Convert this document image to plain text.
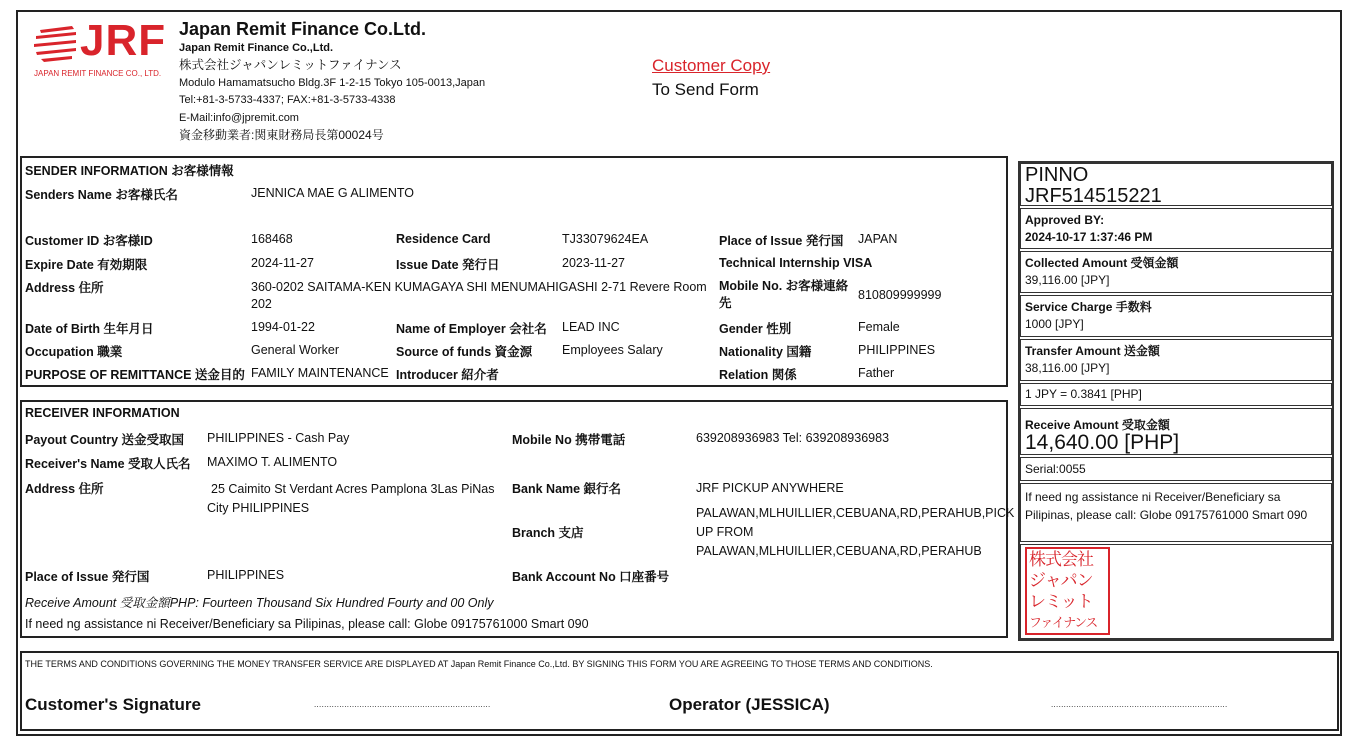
JRF
JAPAN REMIT FINANCE CO., LTD.
Japan Remit Finance Co.Ltd.
Japan Remit Finance Co.,Ltd.
株式会社ジャパンレミットファイナンス
Modulo Hamamatsucho Bldg.3F 1-2-15 Tokyo 105-0013,Japan
Tel:+81-3-5733-4337; FAX:+81-3-5733-4338
E-Mail:info@jpremit.com
資金移動業者:関東財務局長第00024号
Customer Copy
To Send Form
SENDER INFORMATION お客様情報
Senders Name お客様氏名	JENNICA MAE G ALIMENTO
Customer ID お客様ID	168468	Residence Card	TJ33079624EA	Place of Issue 発行国 JAPAN
Expire Date 有効期限	2024-11-27	Issue Date 発行日	2023-11-27	Technical Internship VISA
Address 住所	360-0202 SAITAMA-KEN KUMAGAYA SHI MENUMAHIGASHI 2-71 Revere Room 202
Mobile No. お客様連絡先
810809999999
Date of Birth 生年月日	1994-01-22	Name of Employer 会社名 LEAD INC	Gender 性別	Female
Occupation 職業	General Worker	Source of funds 資金源 Employees Salary	Nationality 国籍	PHILIPPINES
PURPOSE OF REMITTANCE 送金目的 FAMILY MAINTENANCE Introducer 紹介者	Relation 関係	Father
RECEIVER INFORMATION
Payout Country 送金受取国 PHILIPPINES - Cash Pay	Mobile No 携帯電話	639208936983 Tel: 639208936983
Receiver's Name 受取人氏名 MAXIMO T. ALIMENTO
Address 住所	25 Caimito St Verdant Acres Pamplona 3Las PiNas City PHILIPPINES
Bank Name 銀行名	JRF PICKUP ANYWHERE
Branch 支店
PALAWAN,MLHUILLIER,CEBUANA,RD,PERAHUB,PICK UP FROM PALAWAN,MLHUILLIER,CEBUANA,RD,PERAHUB
Place of Issue 発行国	PHILIPPINES	Bank Account No 口座番号
Receive Amount 受取金額PHP: Fourteen Thousand Six Hundred Fourty and 00 Only
If need ng assistance ni Receiver/Beneficiary sa Pilipinas, please call: Globe 09175761000 Smart 090
PINNO
JRF514515221
Approved BY:
2024-10-17 1:37:46 PM
Collected Amount 受領金額
39,116.00 [JPY]
Service Charge 手数料
1000 [JPY]
Transfer Amount 送金額
38,116.00 [JPY]
1 JPY = 0.3841 [PHP]
Receive Amount 受取金額
14,640.00 [PHP]
Serial:0055
If need ng assistance ni Receiver/Beneficiary sa Pilipinas, please call: Globe 09175761000 Smart 090
株式会社
ジャパン
レミット
ファイナンス
THE TERMS AND CONDITIONS GOVERNING THE MONEY TRANSFER SERVICE ARE DISPLAYED AT Japan Remit Finance Co.,Ltd. BY SIGNING THIS FORM YOU ARE AGREEING TO THOSE TERMS AND CONDITIONS.
Customer's Signature	......................................................................	Operator (JESSICA)	......................................................................
